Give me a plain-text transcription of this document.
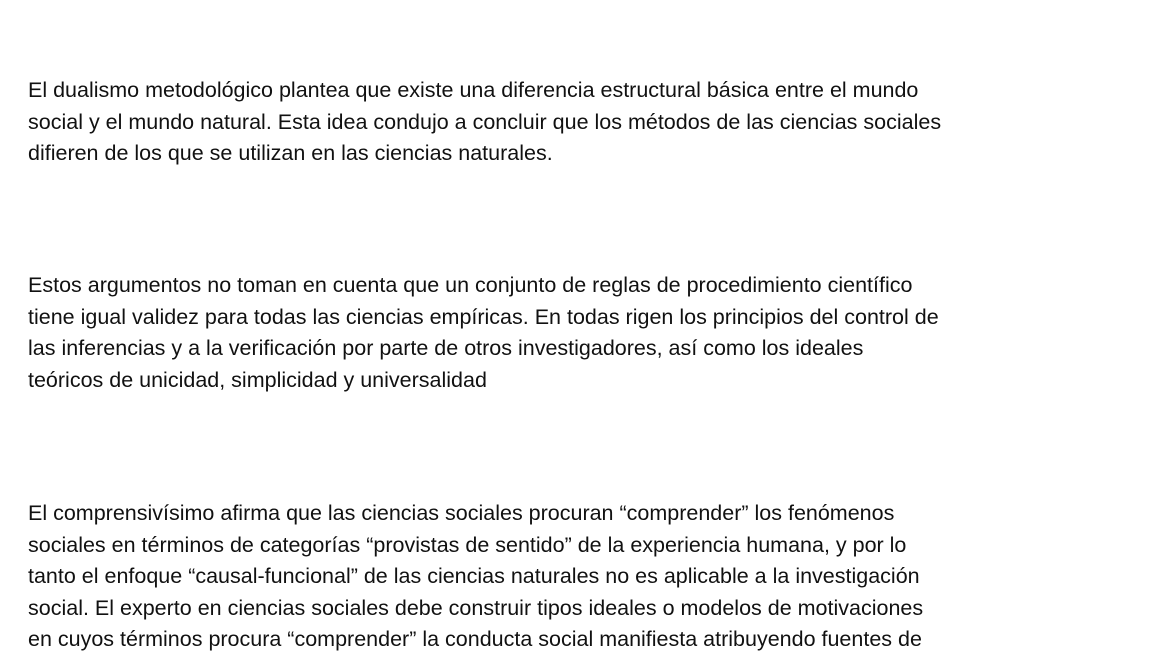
El dualismo metodológico plantea que existe una diferencia estructural básica entre el mundo
social y el mundo natural. Esta idea condujo a concluir que los métodos de las ciencias sociales
difieren de los que se utilizan en las ciencias naturales.

Estos argumentos no toman en cuenta que un conjunto de reglas de procedimiento científico
tiene igual validez para todas las ciencias empíricas. En todas rigen los principios del control de
las inferencias y a la verificación por parte de otros investigadores, así como los ideales
teóricos de unicidad, simplicidad y universalidad

El comprensivísimo afirma que las ciencias sociales procuran “comprender” los fenómenos
sociales en términos de categorías “provistas de sentido” de la experiencia humana, y por lo
tanto el enfoque “causal-funcional” de las ciencias naturales no es aplicable a la investigación
social. El experto en ciencias sociales debe construir tipos ideales o modelos de motivaciones
en cuyos términos procura “comprender” la conducta social manifiesta atribuyendo fuentes de
